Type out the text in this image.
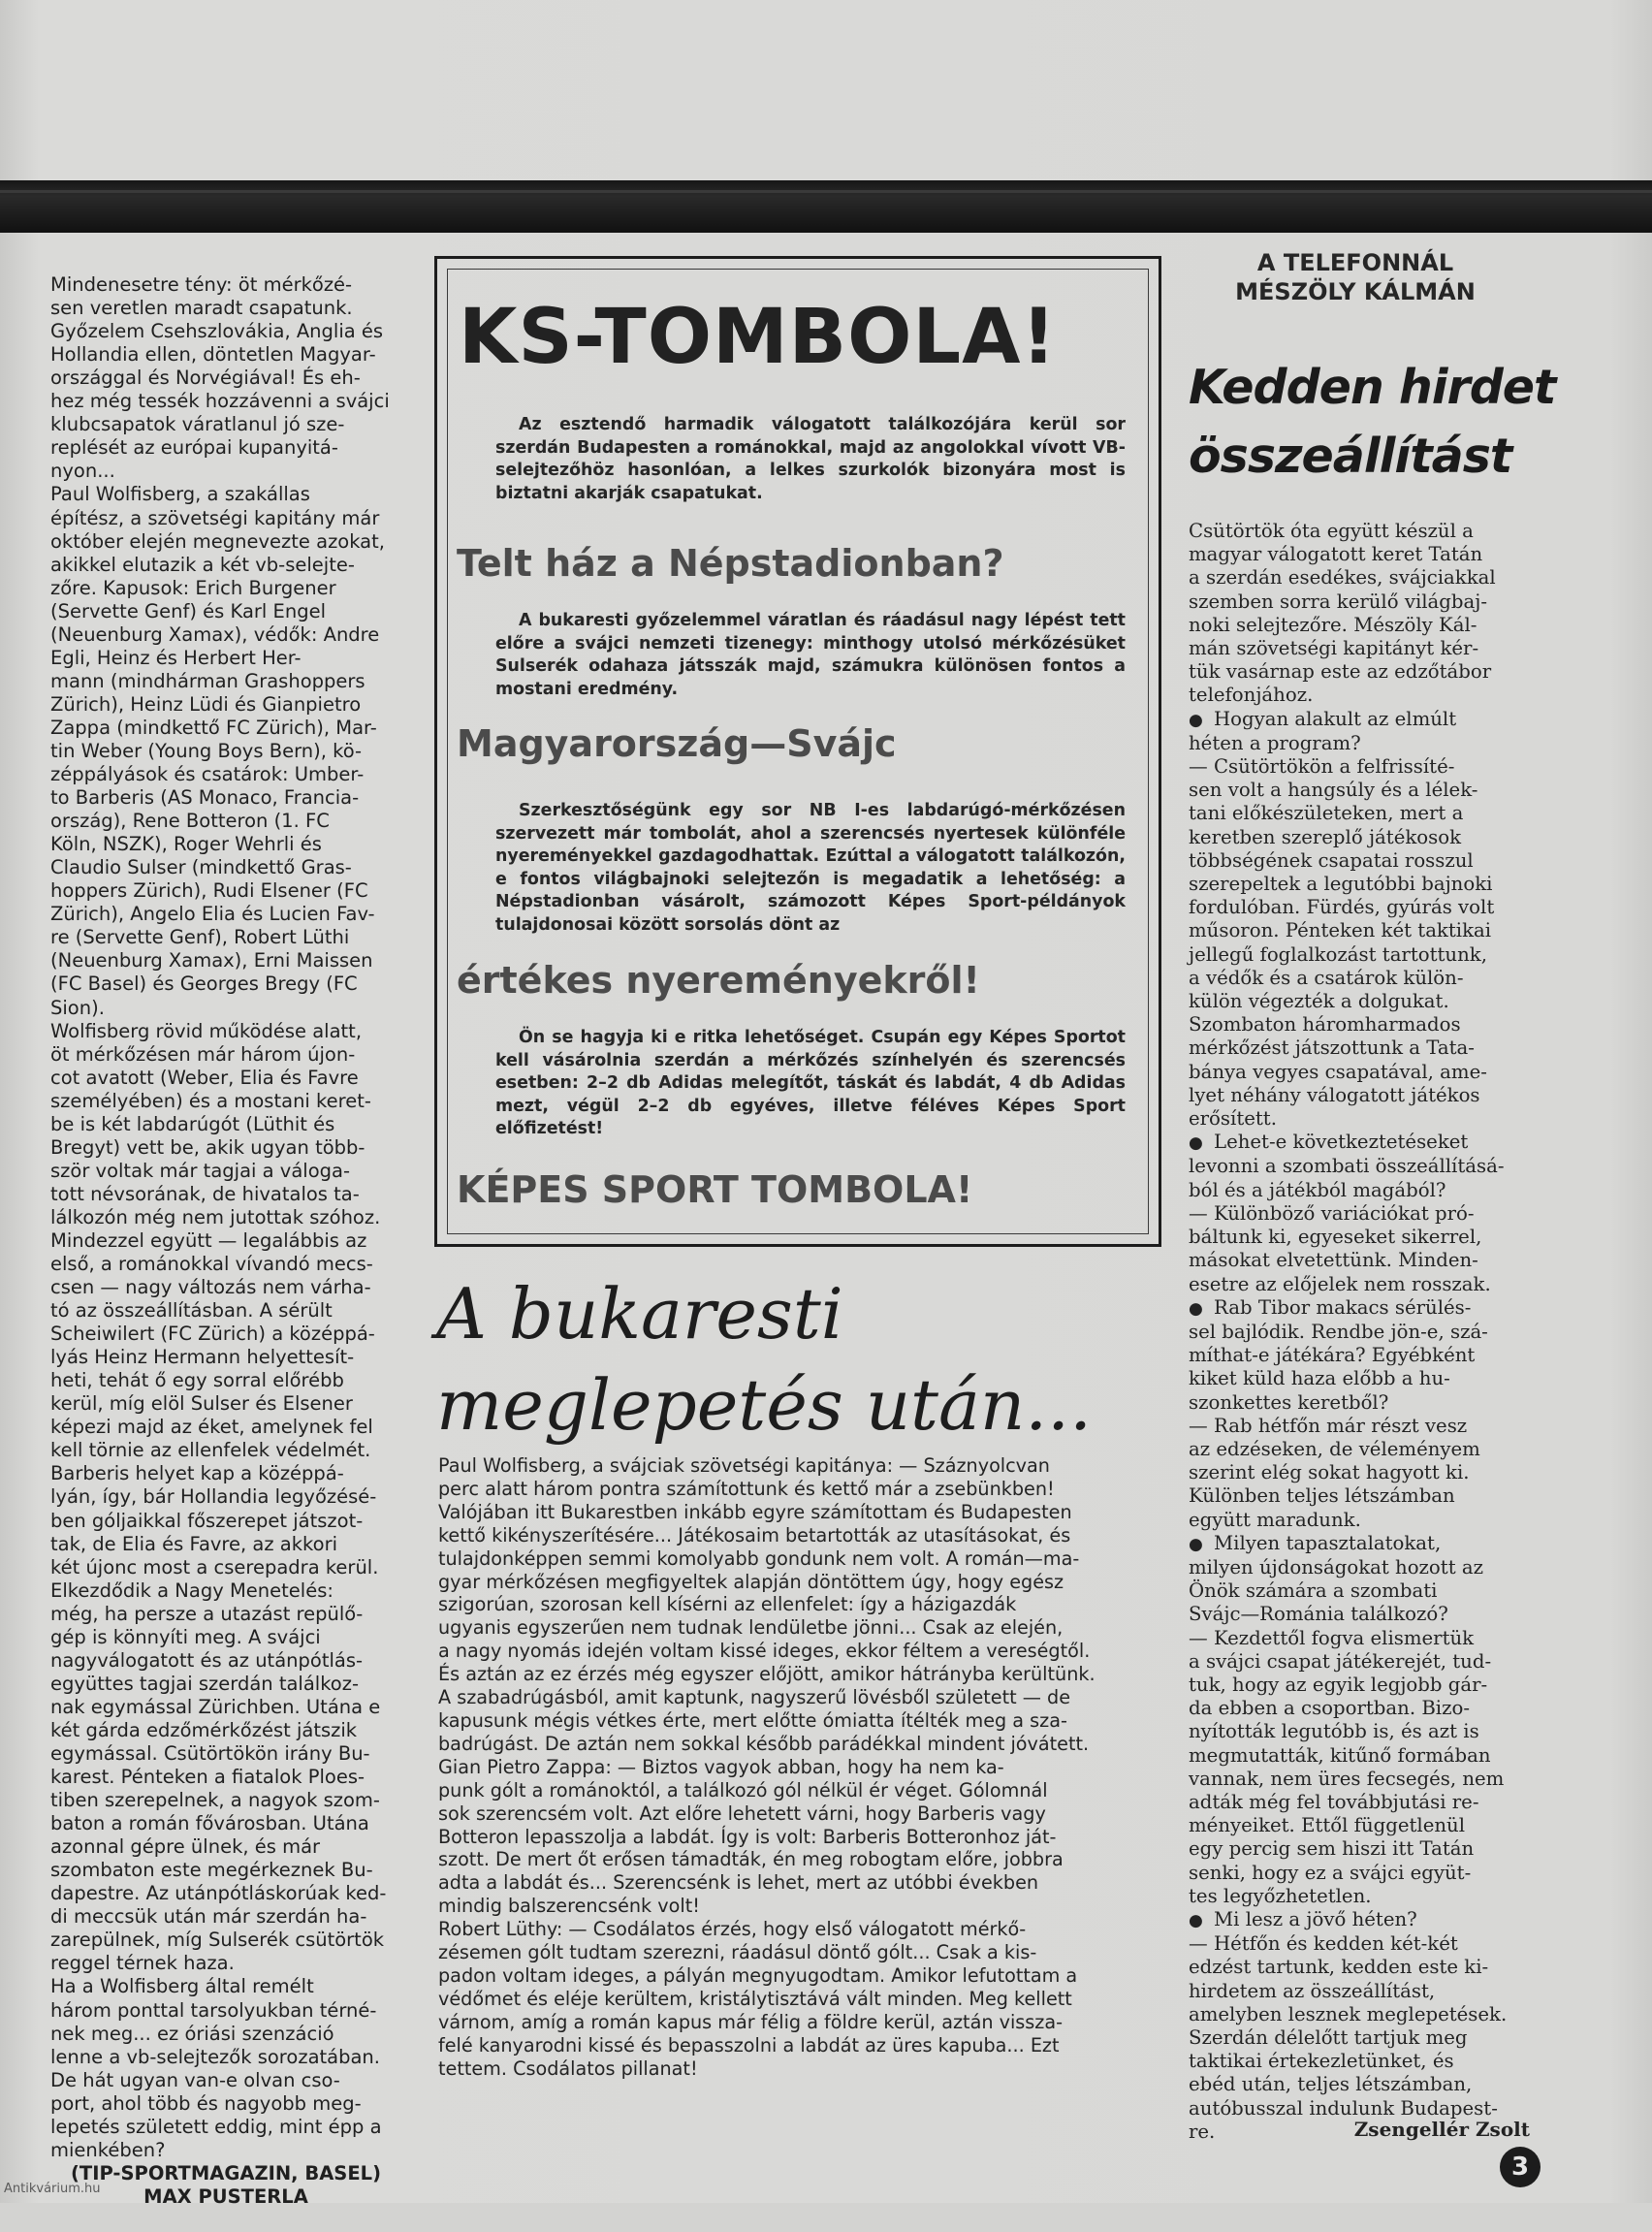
Mindenesetre tény: öt mérkőzé-
sen veretlen maradt csapatunk.
Győzelem Csehszlovákia, Anglia és
Hollandia ellen, döntetlen Magyar-
országgal és Norvégiával! És eh-
hez még tessék hozzávenni a svájci
klubcsapatok váratlanul jó sze-
replését az európai kupanyitá-
nyon...
Paul Wolfisberg, a szakállas
építész, a szövetségi kapitány már
október elején megnevezte azokat,
akikkel elutazik a két vb-selejte-
zőre. Kapusok: Erich Burgener
(Servette Genf) és Karl Engel
(Neuenburg Xamax), védők: Andre
Egli, Heinz és Herbert Her-
mann (mindhárman Grashoppers
Zürich), Heinz Lüdi és Gianpietro
Zappa (mindkettő FC Zürich), Mar-
tin Weber (Young Boys Bern), kö-
zéppályások és csatárok: Umber-
to Barberis (AS Monaco, Francia-
ország), Rene Botteron (1. FC
Köln, NSZK), Roger Wehrli és
Claudio Sulser (mindkettő Gras-
hoppers Zürich), Rudi Elsener (FC
Zürich), Angelo Elia és Lucien Fav-
re (Servette Genf), Robert Lüthi
(Neuenburg Xamax), Erni Maissen
(FC Basel) és Georges Bregy (FC
Sion).
Wolfisberg rövid működése alatt,
öt mérkőzésen már három újon-
cot avatott (Weber, Elia és Favre
személyében) és a mostani keret-
be is két labdarúgót (Lüthit és
Bregyt) vett be, akik ugyan több-
ször voltak már tagjai a váloga-
tott névsorának, de hivatalos ta-
lálkozón még nem jutottak szóhoz.
Mindezzel együtt — legalábbis az
első, a románokkal vívandó mecs-
csen — nagy változás nem várha-
tó az összeállításban. A sérült
Scheiwilert (FC Zürich) a középpá-
lyás Heinz Hermann helyettesít-
heti, tehát ő egy sorral előrébb
kerül, míg elöl Sulser és Elsener
képezi majd az éket, amelynek fel
kell törnie az ellenfelek védelmét.
Barberis helyet kap a középpá-
lyán, így, bár Hollandia legyőzésé-
ben góljaikkal főszerepet játszot-
tak, de Elia és Favre, az akkori
két újonc most a cserepadra kerül.
Elkezdődik a Nagy Menetelés:
még, ha persze a utazást repülő-
gép is könnyíti meg. A svájci
nagyválogatott és az utánpótlás-
együttes tagjai szerdán találkoz-
nak egymással Zürichben. Utána e
két gárda edzőmérkőzést játszik
egymással. Csütörtökön irány Bu-
karest. Pénteken a fiatalok Ploes-
tiben szerepelnek, a nagyok szom-
baton a román fővárosban. Utána
azonnal gépre ülnek, és már
szombaton este megérkeznek Bu-
dapestre. Az utánpótláskorúak ked-
di meccsük után már szerdán ha-
zarepülnek, míg Sulserék csütörtök
reggel térnek haza.
Ha a Wolfisberg által remélt
három ponttal tarsolyukban térné-
nek meg... ez óriási szenzáció
lenne a vb-selejtezők sorozatában.
De hát ugyan van-e olvan cso-
port, ahol több és nagyobb meg-
lepetés született eddig, mint épp a
mienkében?

(TIP-SPORTMAGAZIN, BASEL)
MAX PUSTERLA

KS-TOMBOLA!
Az esztendő harmadik válogatott találkozójára kerül sor szerdán Budapesten a románokkal, majd az angolokkal vívott VB-selejtezőhöz hasonlóan, a lelkes szurkolók bizonyára most is biztatni akarják csapatukat.
Telt ház a Népstadionban?
A bukaresti győzelemmel váratlan és ráadásul nagy lépést tett előre a svájci nemzeti tizenegy: minthogy utolsó mérkőzésüket Sulserék odahaza játsszák majd, számukra különösen fontos a mostani eredmény.
Magyarország—Svájc
Szerkesztőségünk egy sor NB I-es labdarúgó-mérkőzésen szervezett már tombolát, ahol a szerencsés nyertesek különféle nyereményekkel gazdagodhattak. Ezúttal a válogatott találkozón, e fontos világbajnoki selejtezőn is megadatik a lehetőség: a Népstadionban vásárolt, számozott Képes Sport-példányok tulajdonosai között sorsolás dönt az
értékes nyereményekről!
Ön se hagyja ki e ritka lehetőséget. Csupán egy Képes Sportot kell vásárolnia szerdán a mérkőzés színhelyén és szerencsés esetben: 2–2 db Adidas melegítőt, táskát és labdát, 4 db Adidas mezt, végül 2–2 db egyéves, illetve féléves Képes Sport előfizetést!
KÉPES SPORT TOMBOLA!
A bukaresti
meglepetés után...
Paul Wolfisberg, a svájciak szövetségi kapitánya: — Száznyolcvan
perc alatt három pontra számítottunk és kettő már a zsebünkben!
Valójában itt Bukarestben inkább egyre számítottam és Budapesten
kettő kikényszerítésére... Játékosaim betartották az utasításokat, és
tulajdonképpen semmi komolyabb gondunk nem volt. A román—ma-
gyar mérkőzésen megfigyeltek alapján döntöttem úgy, hogy egész
szigorúan, szorosan kell kísérni az ellenfelet: így a házigazdák
ugyanis egyszerűen nem tudnak lendületbe jönni... Csak az elején,
a nagy nyomás idején voltam kissé ideges, ekkor féltem a vereségtől.
És aztán az ez érzés még egyszer előjött, amikor hátrányba kerültünk.
A szabadrúgásból, amit kaptunk, nagyszerű lövésből született — de
kapusunk mégis vétkes érte, mert előtte ómiatta ítélték meg a sza-
badrúgást. De aztán nem sokkal később parádékkal mindent jóvátett.
Gian Pietro Zappa: — Biztos vagyok abban, hogy ha nem ka-
punk gólt a románoktól, a találkozó gól nélkül ér véget. Gólomnál
sok szerencsém volt. Azt előre lehetett várni, hogy Barberis vagy
Botteron lepasszolja a labdát. Így is volt: Barberis Botteronhoz ját-
szott. De mert őt erősen támadták, én meg robogtam előre, jobbra
adta a labdát és... Szerencsénk is lehet, mert az utóbbi években
mindig balszerencsénk volt!
Robert Lüthy: — Csodálatos érzés, hogy első válogatott mérkő-
zésemen gólt tudtam szerezni, ráadásul döntő gólt... Csak a kis-
padon voltam ideges, a pályán megnyugodtam. Amikor lefutottam a
védőmet és eléje kerültem, kristálytisztává vált minden. Meg kellett
várnom, amíg a román kapus már félig a földre kerül, aztán vissza-
felé kanyarodni kissé és bepasszolni a labdát az üres kapuba... Ezt
tettem. Csodálatos pillanat!
A TELEFONNÁL
MÉSZÖLY KÁLMÁN
Kedden hirdet
összeállítást

Csütörtök óta együtt készül a
magyar válogatott keret Tatán
a szerdán esedékes, svájciakkal
szemben sorra kerülő világbaj-
noki selejtezőre. Mészöly Kál-
mán szövetségi kapitányt kér-
tük vasárnap este az edzőtábor
telefonjához.

● Hogyan alakult az elmúlt
héten a program?

— Csütörtökön a felfrissíté-
sen volt a hangsúly és a lélek-
tani előkészületeken, mert a
keretben szereplő játékosok
többségének csapatai rosszul
szerepeltek a legutóbbi bajnoki
fordulóban. Fürdés, gyúrás volt
műsoron. Pénteken két taktikai
jellegű foglalkozást tartottunk,
a védők és a csatárok külön-
külön végezték a dolgukat.
Szombaton háromharmados
mérkőzést játszottunk a Tata-
bánya vegyes csapatával, ame-
lyet néhány válogatott játékos
erősített.

● Lehet-e következtetéseket
levonni a szombati összeállításá-
ból és a játékból magából?

— Különböző variációkat pró-
báltunk ki, egyeseket sikerrel,
másokat elvetettünk. Minden-
esetre az előjelek nem rosszak.

● Rab Tibor makacs sérülés-
sel bajlódik. Rendbe jön-e, szá-
míthat-e játékára? Egyébként
kiket küld haza előbb a hu-
szonkettes keretből?

— Rab hétfőn már részt vesz
az edzéseken, de véleményem
szerint elég sokat hagyott ki.
Különben teljes létszámban
együtt maradunk.

● Milyen tapasztalatokat,
milyen újdonságokat hozott az
Önök számára a szombati
Svájc—Románia találkozó?

— Kezdettől fogva elismertük
a svájci csapat játékerejét, tud-
tuk, hogy az egyik legjobb gár-
da ebben a csoportban. Bizo-
nyították legutóbb is, és azt is
megmutatták, kitűnő formában
vannak, nem üres fecsegés, nem
adták még fel továbbjutási re-
ményeiket. Ettől függetlenül
egy percig sem hiszi itt Tatán
senki, hogy ez a svájci együt-
tes legyőzhetetlen.

● Mi lesz a jövő héten?

— Hétfőn és kedden két-két
edzést tartunk, kedden este ki-
hirdetem az összeállítást,
amelyben lesznek meglepetések.
Szerdán délelőtt tartjuk meg
taktikai értekezletünket, és
ebéd után, teljes létszámban,
autóbusszal indulunk Budapest-
re.	Zsengellér Zsolt
3
Antikvárium.hu
